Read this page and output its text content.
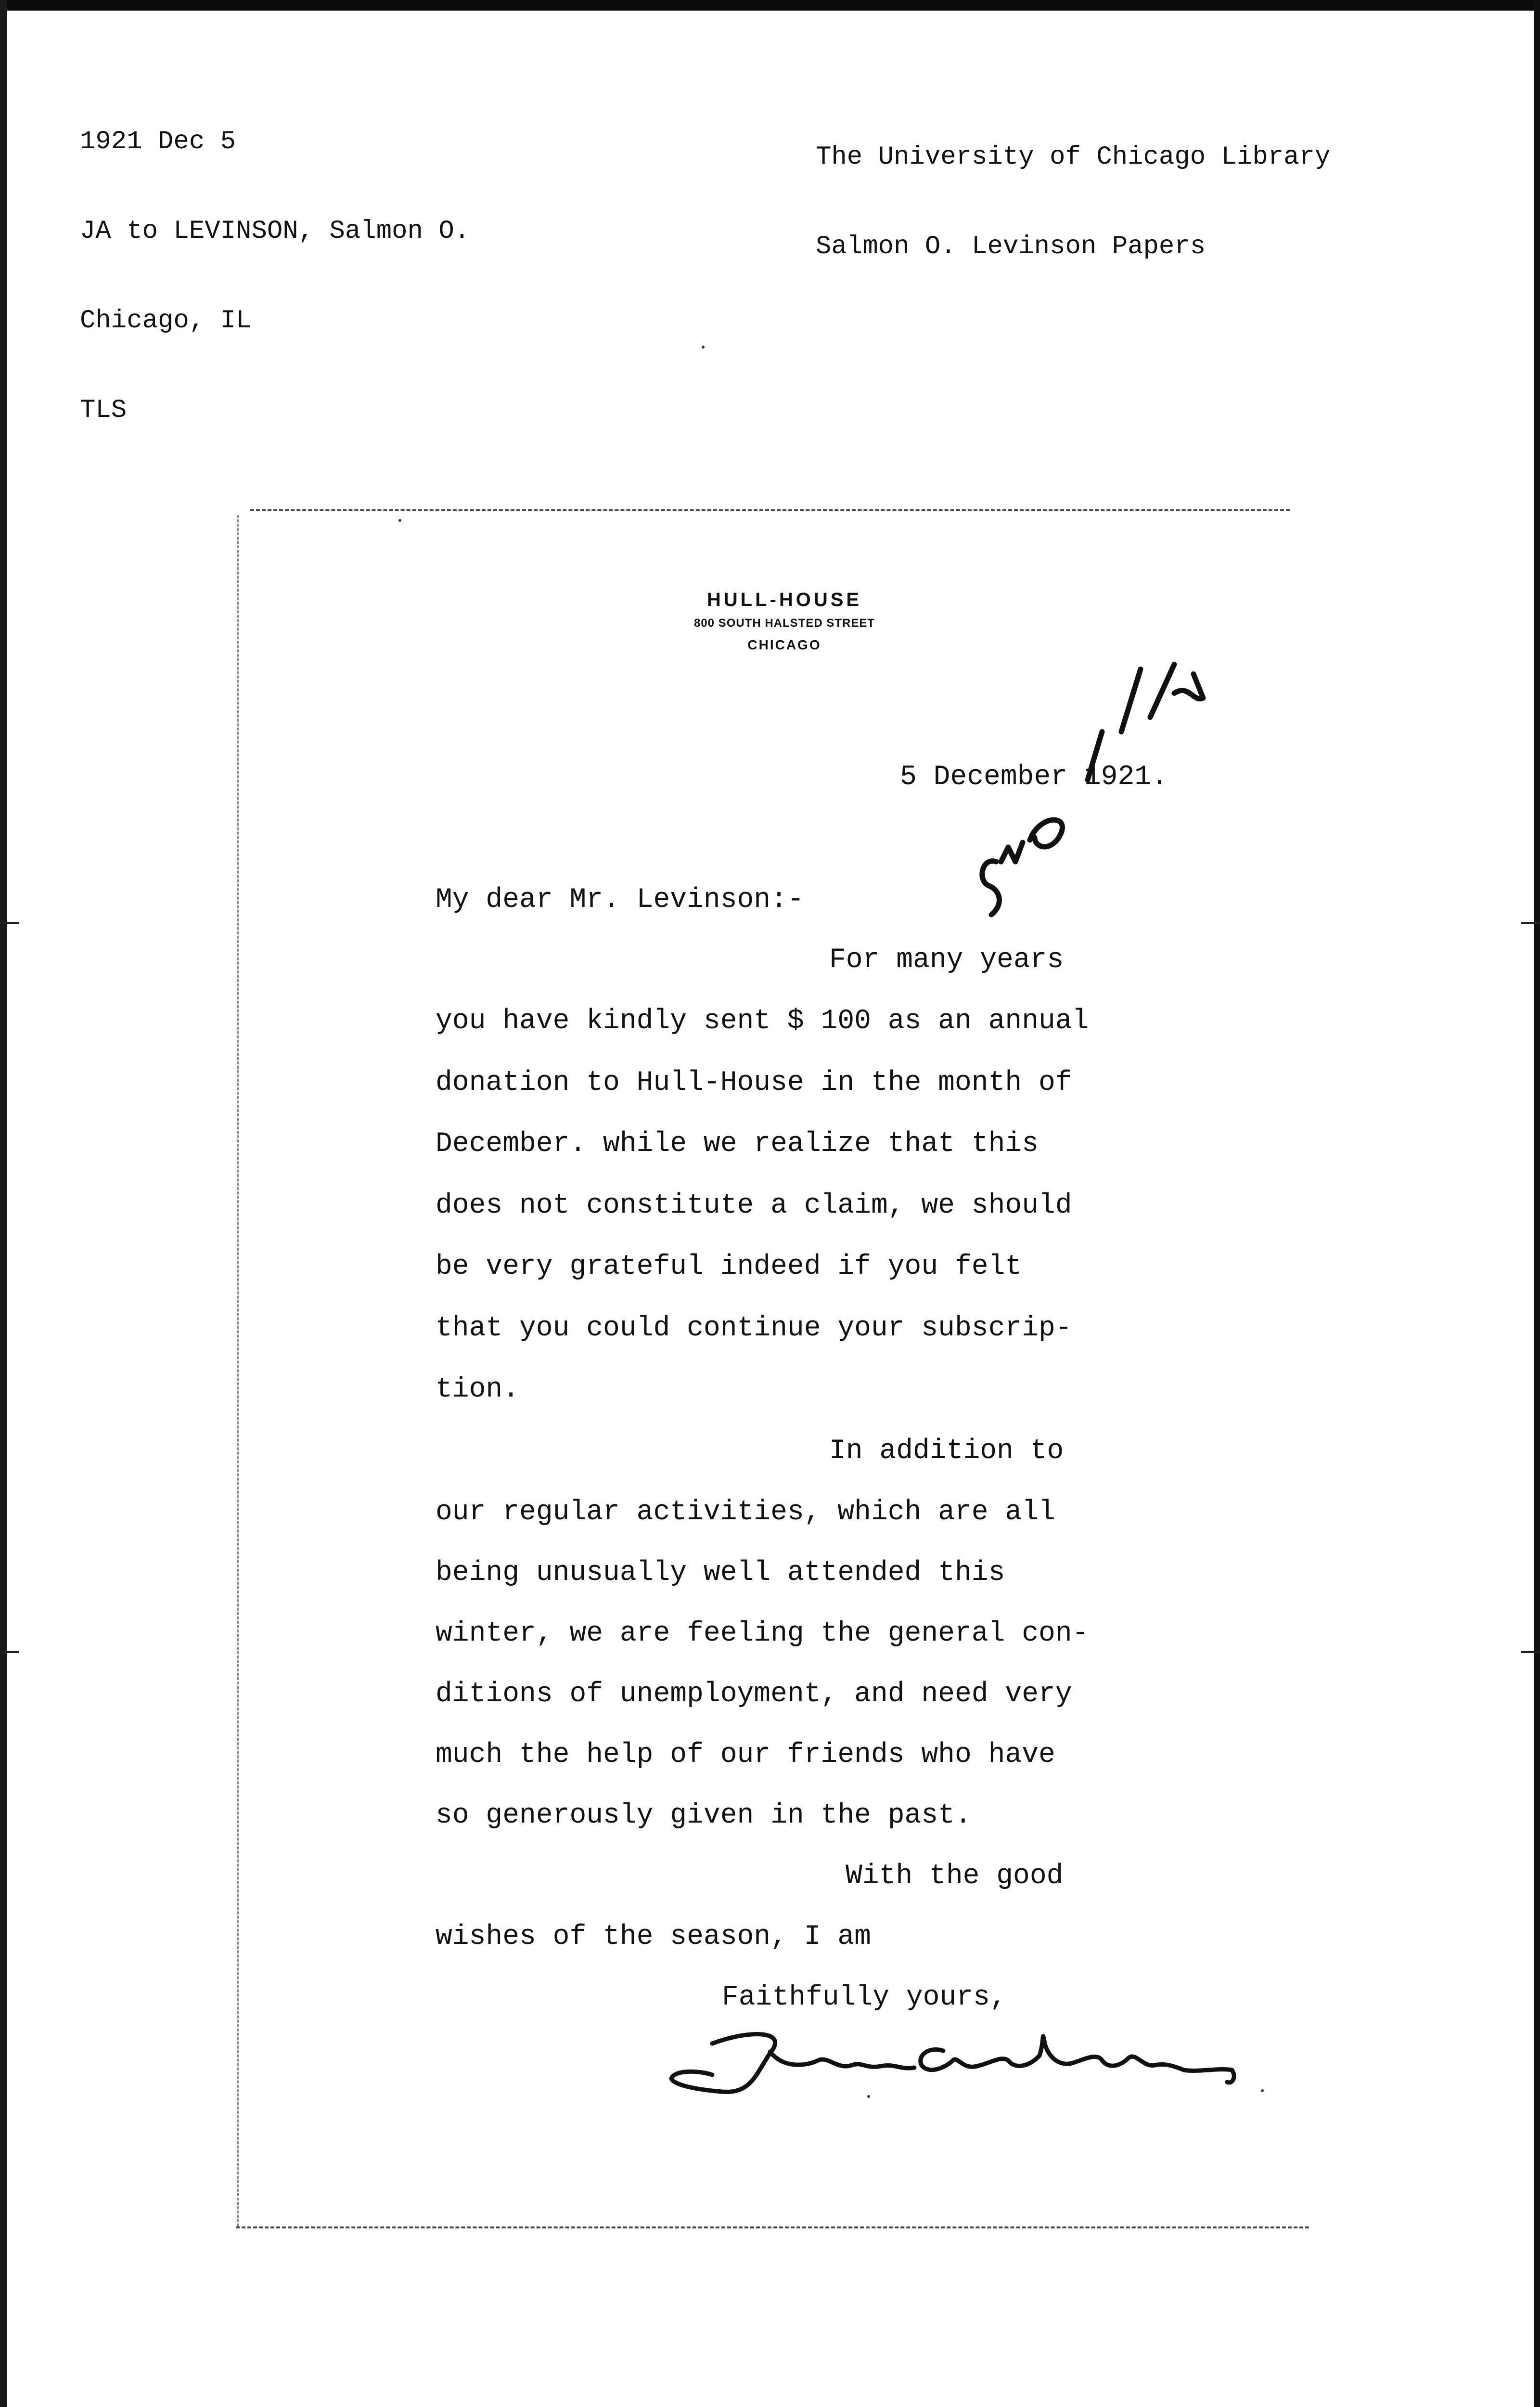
1921 Dec 5

JA to LEVINSON, Salmon O.

Chicago, IL

TLS

The University of Chicago Library

Salmon O. Levinson Papers

HULL-HOUSE
800 SOUTH HALSTED STREET
CHICAGO
5 December 1921.
My dear Mr. Levinson:-
For many years
you have kindly sent $ 100 as an annual
donation to Hull-House in the month of
December. while we realize that this
does not constitute a claim, we should
be very grateful indeed if you felt
that you could continue your subscrip-
tion.
In addition to
our regular activities, which are all
being unusually well attended this
winter, we are feeling the general con-
ditions of unemployment, and need very
much the help of our friends who have
so generously given in the past.
With the good
wishes of the season, I am
Faithfully yours,
